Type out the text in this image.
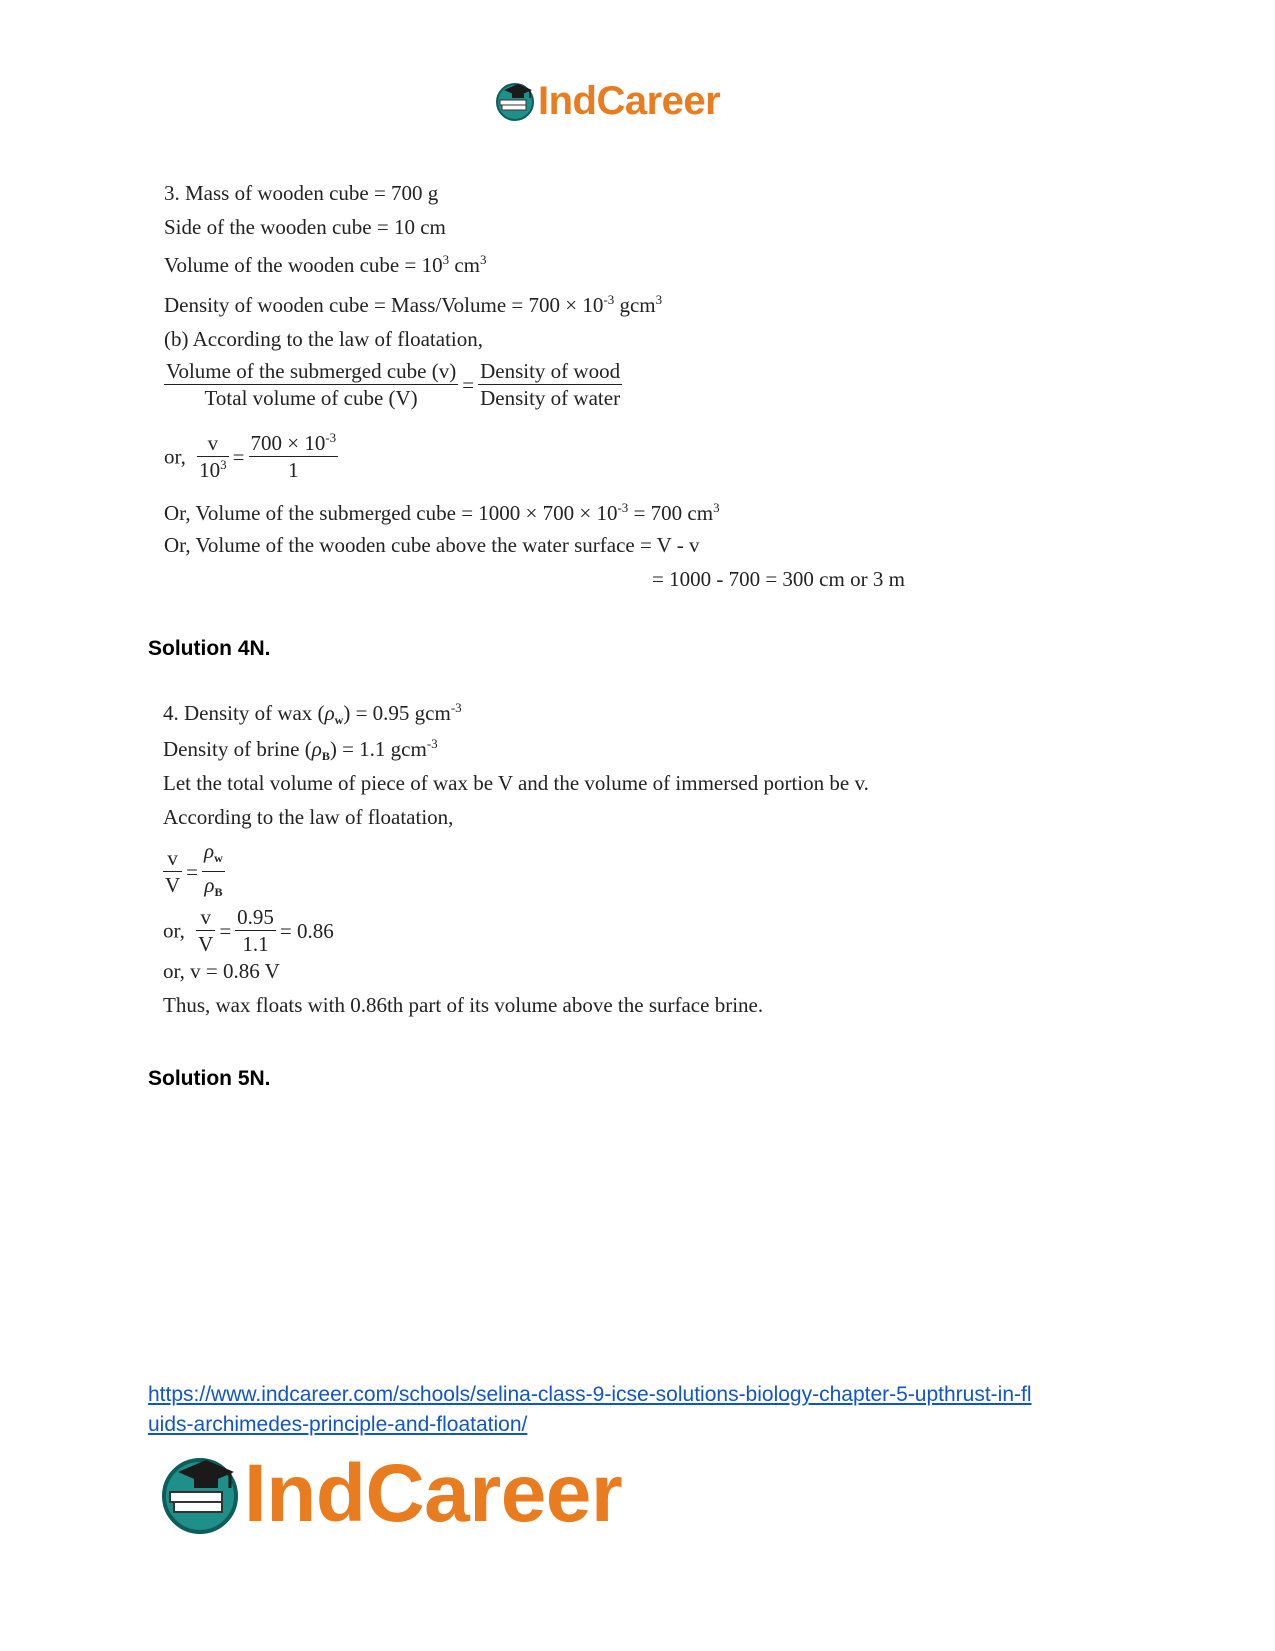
IndCareer
3. Mass of wooden cube = 700 g
Side of the wooden cube = 10 cm
Volume of the wooden cube = $10^3$ $cm^3$
Density of wooden cube = Mass/Volume = $700 \times 10^{-3}$ gcm$^3$
(b) According to the law of floatation,
$\frac{\text{Volume of the submerged cube (v)}}{\text{Total volume of cube (V)}} = \frac{\text{Density of wood}}{\text{Density of water}}$
or, $\frac{v}{10^3} = \frac{700 \times 10^{-3}}{1}$
Or, Volume of the submerged cube = $1000 \times 700 \times 10^{-3} = 700$ $cm^3$
Or, Volume of the wooden cube above the water surface = V - v
= 1000 - 700 = 300 cm or 3 m
Solution 4N.
4. Density of wax $(\rho_w) = 0.95$ gcm$^{-3}$
Density of brine $(\rho_B) = 1.1$ gcm$^{-3}$
Let the total volume of piece of wax be V and the volume of immersed portion be v.
According to the law of floatation,
$\frac{v}{V} = \frac{\rho_w}{\rho_B}$
or, $\frac{v}{V} = \frac{0.95}{1.1} = 0.86$
or, v = 0.86 V
Thus, wax floats with 0.86th part of its volume above the surface brine.
Solution 5N.
https://www.indcareer.com/schools/selina-class-9-icse-solutions-biology-chapter-5-upthrust-in-fl
uids-archimedes-principle-and-floatation/
IndCareer
